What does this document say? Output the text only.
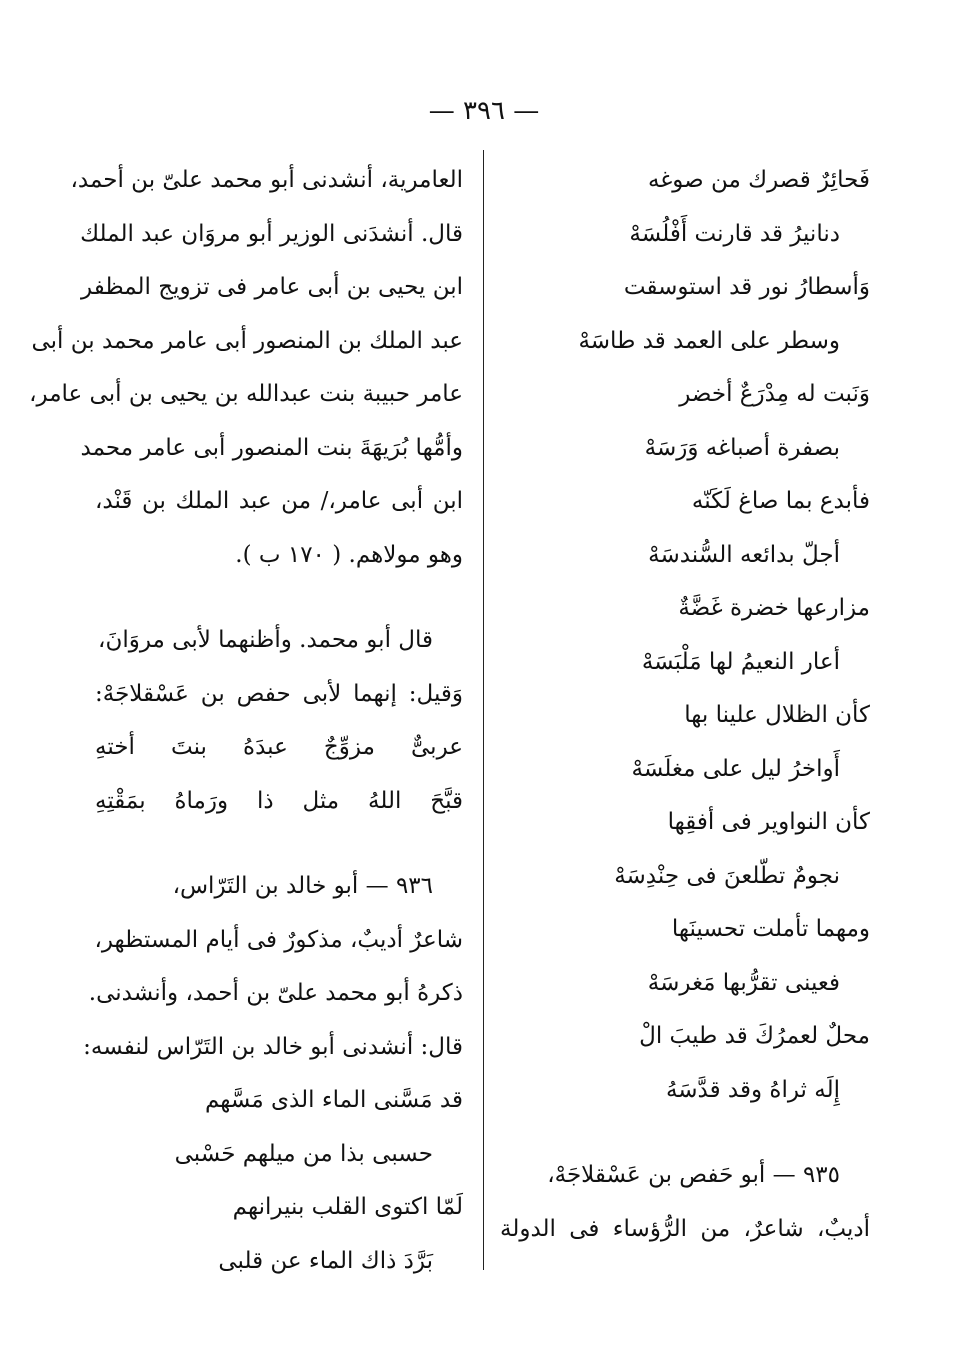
— ٣٩٦ —
فَحائِرٌ قصرك من صوغه
دنانيرُ قد قارنت أَفْلُسَهْ
وَأسطارُ نور قد استوسقت
وسطر على العمد قد طاسَهْ
وَنَبت له مِدْرَعٌ أخضر
بصفرة أصباغه وَرَسَهْ
فأبدع بما صاغ لَكَنّه
أجلّ بدائعه السُّندسَهْ
مزارعها خضرة غَضَّةٌ
أعار النعيمُ لها مَلْبَسَهْ
كأن الظلال علينا بها
أَواخرُ ليل على مغلَسَهْ
كأن النواوير فى أفقِها
نجومٌ تطّلعنَ فى حِنْدِسَهْ
ومهما تأملت تحسينَها
فعينى تقرُّبها مَغرسَهْ
محلٌ لعمرُكَ قد طيبَ الْ
إِلَه ثراهُ وقد قدَّسَهُ
٩٣٥ — أبو حَفص بن عَسْقلاجَهْ،
أديبٌ، شاعرٌ، من الرُّؤساء فى الدولة
العامرية، أنشدنى أبو محمد علىّ بن أحمد،
قال. أنشدَنى الوزير أبو مروَان عبد الملك
ابن يحيى بن أبى عامر فى تزويج المظفر
عبد الملك بن المنصور أبى عامر محمد بن أبى
عامر حبيبة بنت عبدالله بن يحيى بن أبى عامر،
وأمُّها بُرَيهَةَ بنت المنصور أبى عامر محمد
ابن أبى عامر،/ من عبد الملك بن قَنْد،
وهو مولاهم. ( ١٧٠ ب ).
قال أبو محمد. وأظنهما لأبى مروَانَ،
وَقيل: إنهما لأبى حفص بن عَسْقلاجَهْ:
عربىٌّ مزوِّجٌ عبدَهُ بنتَ أختهِ
قبَّحَ اللهُ مثل ذا ورَماهُ بمَقْتِهِ
٩٣٦ — أبو خالد بن التَرّاس،
شاعرٌ أديبٌ، مذكورٌ فى أيام المستظهر،
ذكرهُ أبو محمد علىّ بن أحمد، وأنشدنى.
قال: أنشدنى أبو خالد بن التَرّاس لنفسه:
قد مَسَّنى الماء الذى مَسَّهم
حسبى بذا من ميلهم حَسْبى
لَمّا اكتوى القلب بنيرانهم
بَرَّدَ ذاك الماء عن قلبى
